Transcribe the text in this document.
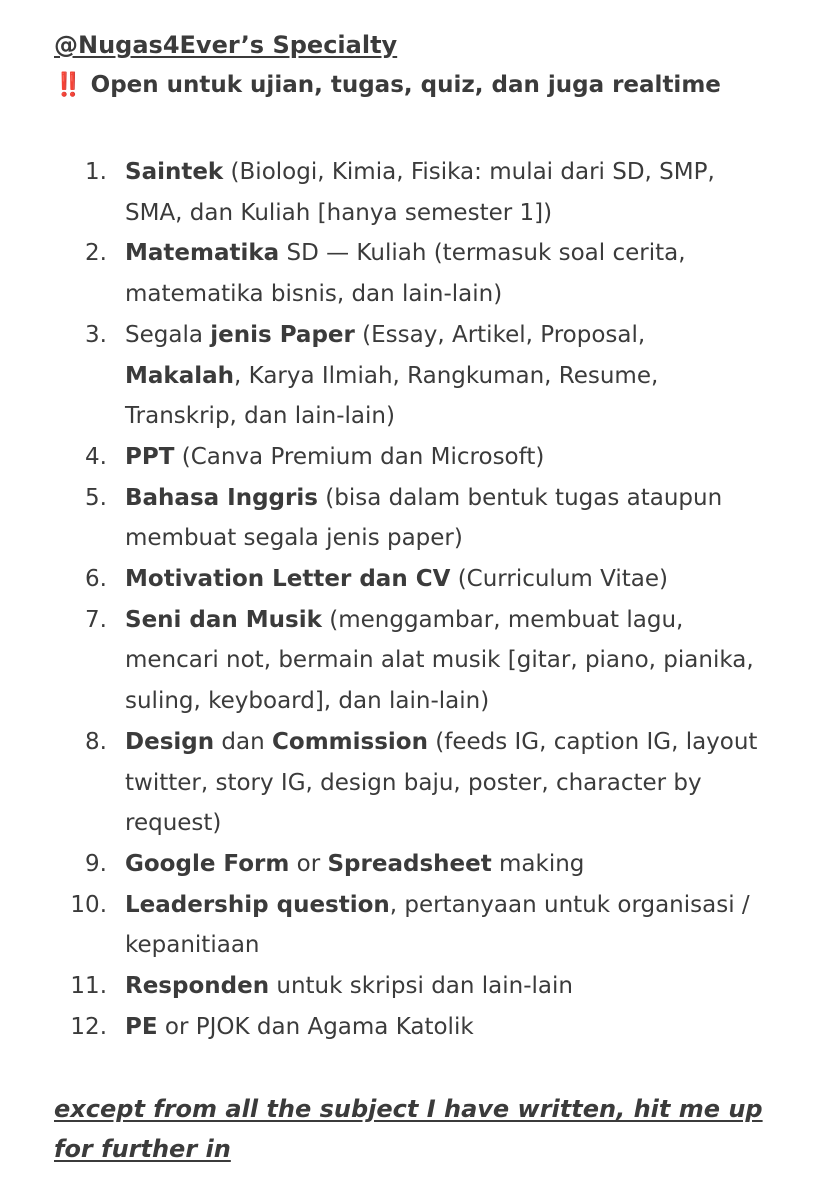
@Nugas4Ever’s Specialty
‼️ Open untuk ujian, tugas, quiz, dan juga realtime
1. Saintek (Biologi, Kimia, Fisika: mulai dari SD, SMP, SMA, dan Kuliah [hanya semester 1])
2. Matematika SD — Kuliah (termasuk soal cerita, matematika bisnis, dan lain-lain)
3. Segala jenis Paper (Essay, Artikel, Proposal, Makalah, Karya Ilmiah, Rangkuman, Resume, Transkrip, dan lain-lain)
4. PPT (Canva Premium dan Microsoft)
5. Bahasa Inggris (bisa dalam bentuk tugas ataupun membuat segala jenis paper)
6. Motivation Letter dan CV (Curriculum Vitae)
7. Seni dan Musik (menggambar, membuat lagu, mencari not, bermain alat musik [gitar, piano, pianika, suling, keyboard], dan lain-lain)
8. Design dan Commission (feeds IG, caption IG, layout twitter, story IG, design baju, poster, character by request)
9. Google Form or Spreadsheet making
10. Leadership question, pertanyaan untuk organisasi / kepanitiaan
11. Responden untuk skripsi dan lain-lain
12. PE or PJOK dan Agama Katolik
except from all the subject I have written, hit me up for further in
